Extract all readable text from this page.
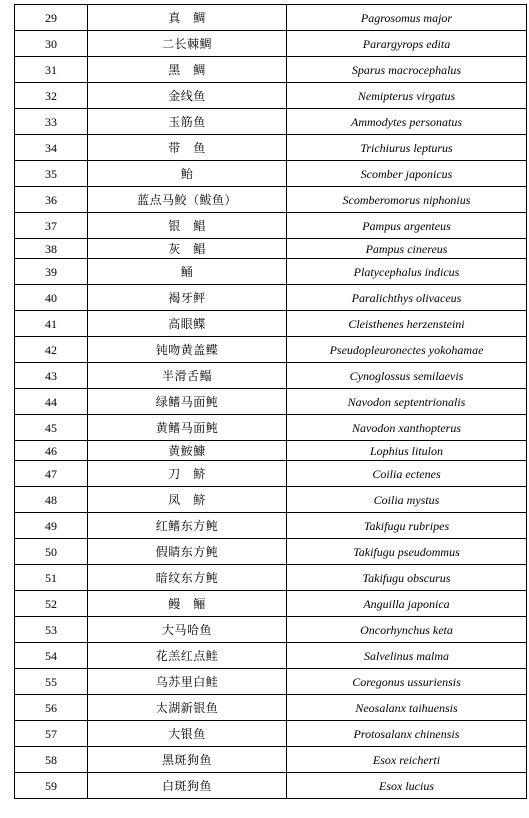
29	真　鲷	Pagrosomus major
30	二长棘鲷	Parargyrops edita
31	黑　鲷	Sparus macrocephalus
32	金线鱼	Nemipterus virgatus
33	玉筋鱼	Ammodytes personatus
34	带　鱼	Trichiurus lepturus
35	鲐	Scomber japonicus
36	蓝点马鲛（鲅鱼）	Scomberomorus niphonius
37	银　鲳	Pampus argenteus
38	灰　鲳	Pampus cinereus
39	鲬	Platycephalus indicus
40	褐牙鲆	Paralichthys olivaceus
41	高眼鲽	Cleisthenes herzensteini
42	钝吻黄盖鲽	Pseudopleuronectes yokohamae
43	半滑舌鳎	Cynoglossus semilaevis
44	绿鳍马面鲀	Navodon septentrionalis
45	黄鳍马面鲀	Navodon xanthopterus
46	黄鮟鱇	Lophius litulon
47	刀　鲚	Coilia ectenes
48	凤　鲚	Coilia mystus
49	红鳍东方鲀	Takifugu rubripes
50	假睛东方鲀	Takifugu pseudommus
51	暗纹东方鲀	Takifugu obscurus
52	鳗　鲡	Anguilla japonica
53	大马哈鱼	Oncorhynchus keta
54	花羔红点鲑	Salvelinus malma
55	乌苏里白鲑	Coregonus ussuriensis
56	太湖新银鱼	Neosalanx taihuensis
57	大银鱼	Protosalanx chinensis
58	黑斑狗鱼	Esox reicherti
59	白斑狗鱼	Esox lucius
